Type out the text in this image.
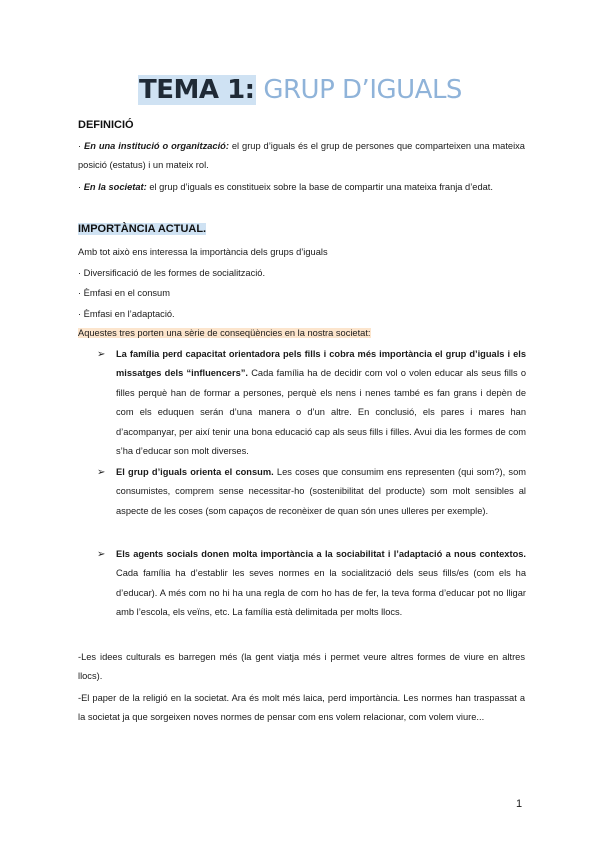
TEMA 1: GRUP D’IGUALS
DEFINICIÓ
· En una institució o organització: el grup d’iguals és el grup de persones que comparteixen una mateixa posició (estatus) i un mateix rol.
· En la societat: el grup d’iguals es constitueix sobre la base de compartir una mateixa franja d’edat.
IMPORTÀNCIA ACTUAL.
Amb tot això ens interessa la importància dels grups d’iguals
· Diversificació de les formes de socialització.
· Èmfasi en el consum
· Èmfasi en l’adaptació.
Aquestes tres porten una sèrie de conseqüències en la nostra societat:
➢ La família perd capacitat orientadora pels fills i cobra més importància el grup d’iguals i els missatges dels “influencers”. Cada família ha de decidir com vol o volen educar als seus fills o filles perquè han de formar a persones, perquè els nens i nenes també es fan grans i depèn de com els eduquen serán d’una manera o d’un altre. En conclusió, els pares i mares han d’acompanyar, per així tenir una bona educació cap als seus fills i filles. Avui dia les formes de com s’ha d’educar son molt diverses.
➢ El grup d’iguals orienta el consum. Les coses que consumim ens representen (qui som?), som consumistes, comprem sense necessitar-ho (sostenibilitat del producte) som molt sensibles al aspecte de les coses (som capaços de reconèixer de quan són unes ulleres per exemple).
➢ Els agents socials donen molta importància a la sociabilitat i l’adaptació a nous contextos. Cada família ha d’establir les seves normes en la socialització dels seus fills/es (com els ha d’educar). A més com no hi ha una regla de com ho has de fer, la teva forma d’educar pot no lligar amb l’escola, els veïns, etc. La família està delimitada per molts llocs.
-Les idees culturals es barregen més (la gent viatja més i permet veure altres formes de viure en altres llocs).
-El paper de la religió en la societat. Ara és molt més laica, perd importància. Les normes han traspassat a la societat ja que sorgeixen noves normes de pensar com ens volem relacionar, com volem viure...
1
